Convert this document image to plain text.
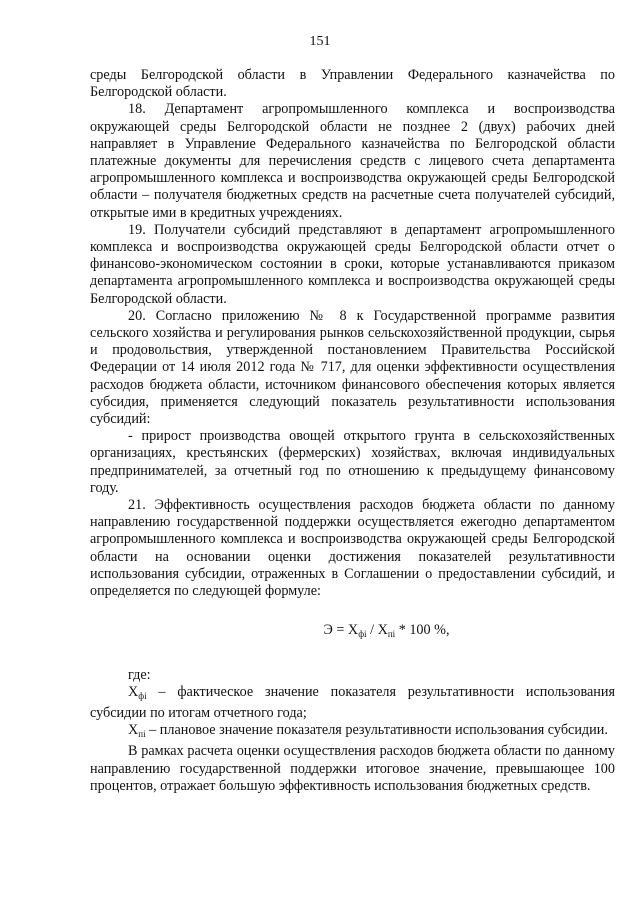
151

среды Белгородской области в Управлении Федерального казначейства по Белгородской области.

18. Департамент агропромышленного комплекса и воспроизводства окружающей среды Белгородской области не позднее 2 (двух) рабочих дней направляет в Управление Федерального казначейства по Белгородской области платежные документы для перечисления средств с лицевого счета департамента агропромышленного комплекса и воспроизводства окружающей среды Белгородской области – получателя бюджетных средств на расчетные счета получателей субсидий, открытые ими в кредитных учреждениях.

19. Получатели субсидий представляют в департамент агропромышленного комплекса и воспроизводства окружающей среды Белгородской области отчет о финансово-экономическом состоянии в сроки, которые устанавливаются приказом департамента агропромышленного комплекса и воспроизводства окружающей среды Белгородской области.

20. Согласно приложению № 8 к Государственной программе развития сельского хозяйства и регулирования рынков сельскохозяйственной продукции, сырья и продовольствия, утвержденной постановлением Правительства Российской Федерации от 14 июля 2012 года № 717, для оценки эффективности осуществления расходов бюджета области, источником финансового обеспечения которых является субсидия, применяется следующий показатель результативности использования субсидий:

- прирост производства овощей открытого грунта в сельскохозяйственных организациях, крестьянских (фермерских) хозяйствах, включая индивидуальных предпринимателей, за отчетный год по отношению к предыдущему финансовому году.

21. Эффективность осуществления расходов бюджета области по данному направлению государственной поддержки осуществляется ежегодно департаментом агропромышленного комплекса и воспроизводства окружающей среды Белгородской области на основании оценки достижения показателей результативности использования субсидии, отраженных в Соглашении о предоставлении субсидий, и определяется по следующей формуле:

$Э = Х_{фi} / Х_{пi} * 100$ %,

где:

$Х_{фi}$ – фактическое значение показателя результативности использования субсидии по итогам отчетного года;

$Х_{пi}$ – плановое значение показателя результативности использования субсидии.

В рамках расчета оценки осуществления расходов бюджета области по данному направлению государственной поддержки итоговое значение, превышающее 100 процентов, отражает большую эффективность использования бюджетных средств.
